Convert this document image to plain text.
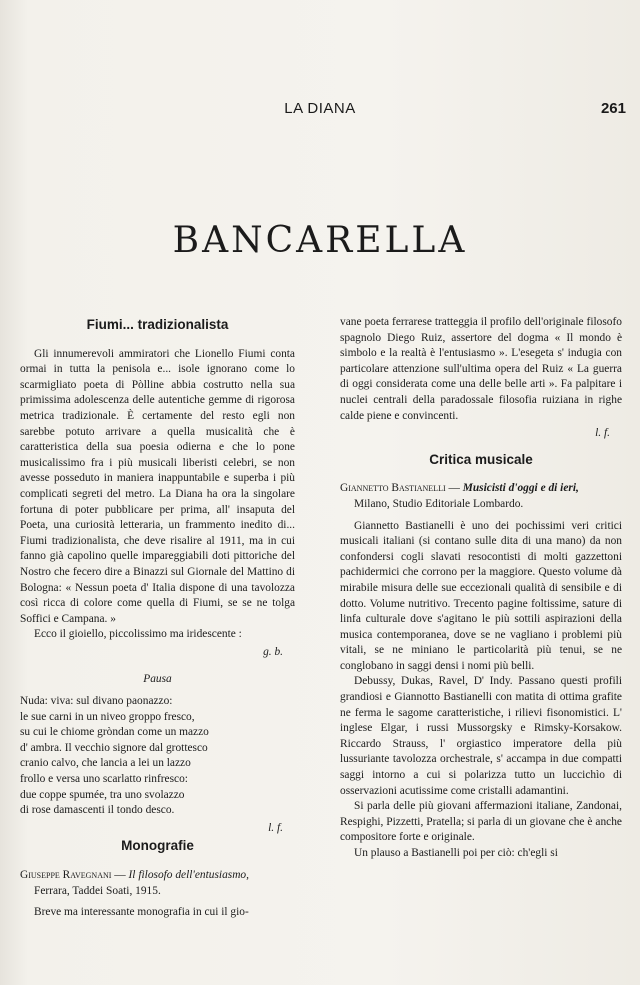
LA DIANA	261
BANCARELLA
Fiumi... tradizionalista

Gli innumerevoli ammiratori che Lionello Fiumi conta ormai in tutta la penisola e... isole ignorano come lo scarmigliato poeta di Pòlline abbia costrutto nella sua primissima adolescenza delle autentiche gemme di rigorosa metrica tradizionale. È certamente del resto egli non sarebbe potuto arrivare a quella musicalità che è caratteristica della sua poesia odierna e che lo pone musicalissimo fra i più musicali liberisti celebri, se non avesse posseduto in maniera inappuntabile e superba i più complicati segreti del metro. La Diana ha ora la singolare fortuna di poter pubblicare per prima, all' insaputa del Poeta, una curiosità letteraria, un frammento inedito di... Fiumi tradizionalista, che deve risalire al 1911, ma in cui fanno già capolino quelle impareggiabili doti pittoriche del Nostro che fecero dire a Binazzi sul Giornale del Mattino di Bologna: « Nessun poeta d' Italia dispone di una tavolozza così ricca di colore come quella di Fiumi, se se ne tolga Soffici e Campana. »

Ecco il gioiello, piccolissimo ma iridescente :

g. b.
Pausa
Nuda: viva: sul divano paonazzo:
le sue carni in un niveo groppo fresco,
su cui le chiome gròndan come un mazzo
d' ambra. Il vecchio signore dal grottesco
cranio calvo, che lancia a lei un lazzo
frollo e versa uno scarlatto rinfresco:
due coppe spumée, tra uno svolazzo
di rose damascenti il tondo desco.
l. f.
Monografie

Giuseppe Ravegnani — Il filosofo dell'entusiasmo,
Ferrara, Taddei Soati, 1915.

Breve ma interessante monografia in cui il gio-

vane poeta ferrarese tratteggia il profilo dell'originale filosofo spagnolo Diego Ruiz, assertore del dogma « Il mondo è simbolo e la realtà è l'entusiasmo ». L'esegeta s' indugia con particolare attenzione sull'ultima opera del Ruiz « La guerra di oggi considerata come una delle belle arti ». Fa palpitare i nuclei centrali della paradossale filosofia ruiziana in righe calde piene e convincenti.

l. f.
Critica musicale

Giannetto Bastianelli — Musicisti d'oggi e di ieri,
Milano, Studio Editoriale Lombardo.

Giannetto Bastianelli è uno dei pochissimi veri critici musicali italiani (si contano sulle dita di una mano) da non confondersi cogli slavati resocontisti di molti gazzettoni pachidermici che corrono per la maggiore. Questo volume dà mirabile misura delle sue eccezionali qualità di sensibile e di dotto. Volume nutritivo. Trecento pagine foltissime, sature di linfa culturale dove s'agitano le più sottili aspirazioni della musica contemporanea, dove se ne vagliano i problemi più vitali, se ne miniano le particolarità più tenui, se ne conglobano in saggi densi i nomi più belli.

Debussy, Dukas, Ravel, D' Indy. Passano questi profili grandiosi e Giannotto Bastianelli con matita di ottima grafite ne ferma le sagome caratteristiche, i rilievi fisonomistici. L' inglese Elgar, i russi Mussorgsky e Rimsky-Korsakow. Riccardo Strauss, l' orgiastico imperatore della più lussuriante tavolozza orchestrale, s' accampa in due compatti saggi intorno a cui si polarizza tutto un luccichìo di osservazioni acutissime come cristalli adamantini.

Si parla delle più giovani affermazioni italiane, Zandonai, Respighi, Pizzetti, Pratella; si parla di un giovane che è anche compositore forte e originale.

Un plauso a Bastianelli poi per ciò: ch'egli si
